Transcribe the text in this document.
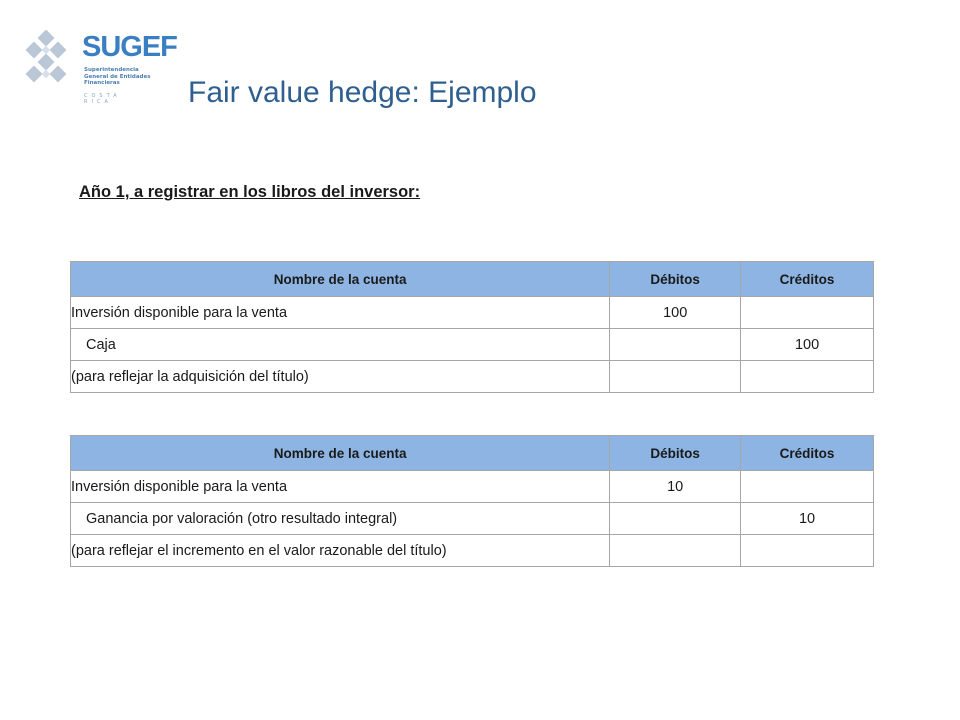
SUGEF
Superintendencia General de Entidades Financieras
COSTA RICA	Fair value hedge: Ejemplo
Año 1, a registrar en los libros del inversor:
Nombre de la cuenta	Débitos	Créditos
Inversión disponible para la venta	100	
Caja		100
(para reflejar la adquisición del título)		
Nombre de la cuenta	Débitos	Créditos
Inversión disponible para la venta	10	
Ganancia por valoración (otro resultado integral)		10
(para reflejar el incremento en el valor razonable del título)		
